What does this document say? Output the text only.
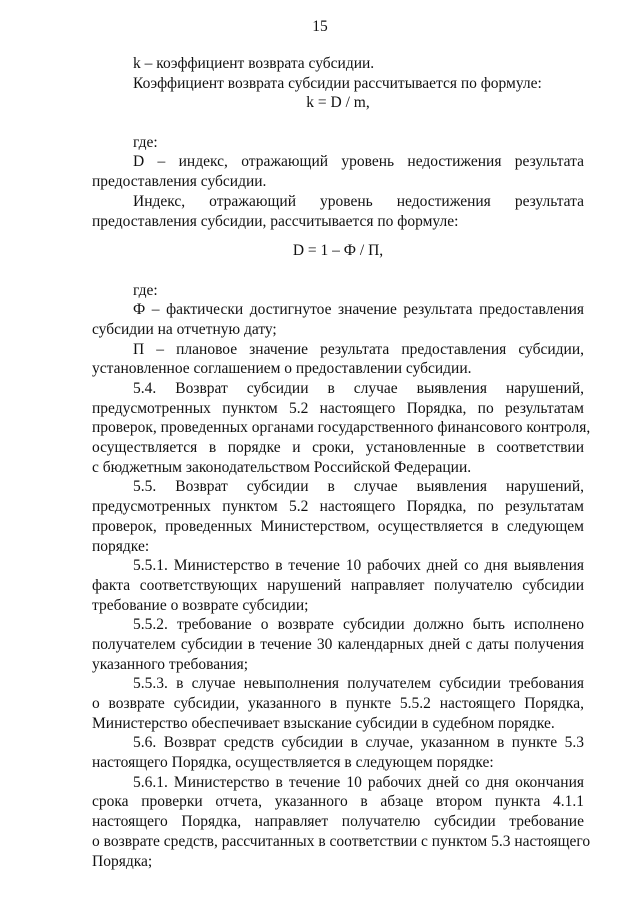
15
k – коэффициент возврата субсидии.
Коэффициент возврата субсидии рассчитывается по формуле:
k = D / m,
где:
D – индекс, отражающий уровень недостижения результата
предоставления субсидии.
Индекс, отражающий уровень недостижения результата
предоставления субсидии, рассчитывается по формуле:
D = 1 – Ф / П,
где:
Ф – фактически достигнутое значение результата предоставления
субсидии на отчетную дату;
П – плановое значение результата предоставления субсидии,
установленное соглашением о предоставлении субсидии.
5.4. Возврат субсидии в случае выявления нарушений,
предусмотренных пунктом 5.2 настоящего Порядка, по результатам
проверок, проведенных органами государственного финансового контроля,
осуществляется в порядке и сроки, установленные в соответствии
с бюджетным законодательством Российской Федерации.
5.5. Возврат субсидии в случае выявления нарушений,
предусмотренных пунктом 5.2 настоящего Порядка, по результатам
проверок, проведенных Министерством, осуществляется в следующем
порядке:
5.5.1. Министерство в течение 10 рабочих дней со дня выявления
факта соответствующих нарушений направляет получателю субсидии
требование о возврате субсидии;
5.5.2. требование о возврате субсидии должно быть исполнено
получателем субсидии в течение 30 календарных дней с даты получения
указанного требования;
5.5.3. в случае невыполнения получателем субсидии требования
о возврате субсидии, указанного в пункте 5.5.2 настоящего Порядка,
Министерство обеспечивает взыскание субсидии в судебном порядке.
5.6. Возврат средств субсидии в случае, указанном в пункте 5.3
настоящего Порядка, осуществляется в следующем порядке:
5.6.1. Министерство в течение 10 рабочих дней со дня окончания
срока проверки отчета, указанного в абзаце втором пункта 4.1.1
настоящего Порядка, направляет получателю субсидии требование
о возврате средств, рассчитанных в соответствии с пунктом 5.3 настоящего
Порядка;
